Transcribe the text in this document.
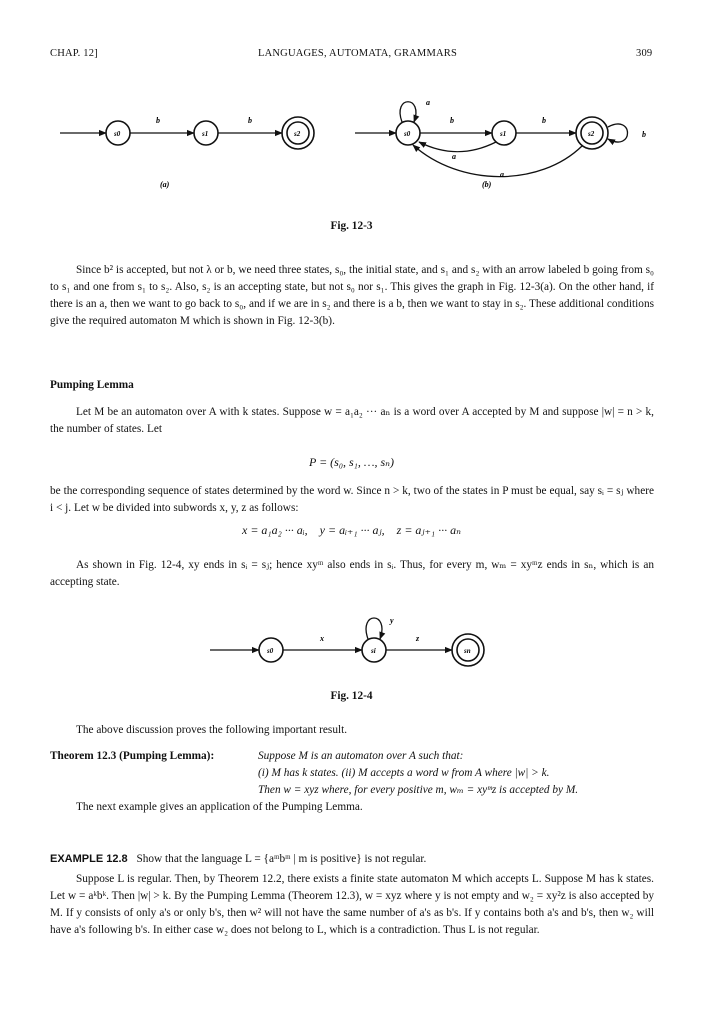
CHAP. 12]	LANGUAGES, AUTOMATA, GRAMMARS	309
s0
b
s1
b
s2
(a)
s0
a
b
s1
b
s2
a
a
b
(b)
Fig. 12-3

Since b² is accepted, but not λ or b, we need three states, s₀, the initial state, and s₁ and s₂ with an arrow labeled b going from s₀ to s₁ and one from s₁ to s₂. Also, s₂ is an accepting state, but not s₀ nor s₁. This gives the graph in Fig. 12-3(a). On the other hand, if there is an a, then we want to go back to s₀, and if we are in s₂ and there is a b, then we want to stay in s₂. These additional conditions give the required automaton M which is shown in Fig. 12-3(b).

Pumping Lemma

Let M be an automaton over A with k states. Suppose w = a₁a₂ ··· aₙ is a word over A accepted by M and suppose |w| = n > k, the number of states. Let

P = (s₀, s₁, …, sₙ)

be the corresponding sequence of states determined by the word w. Since n > k, two of the states in P must be equal, say sᵢ = sⱼ where i < j. Let w be divided into subwords x, y, z as follows:

x = a₁a₂ ··· aᵢ,    y = aᵢ₊₁ ··· aⱼ,    z = aⱼ₊₁ ··· aₙ

As shown in Fig. 12-4, xy ends in sᵢ = sⱼ; hence xyᵐ also ends in sᵢ. Thus, for every m, wₘ = xyᵐz ends in sₙ, which is an accepting state.

s0
x
si
y
z
sn
Fig. 12-4

The above discussion proves the following important result.

Theorem 12.3 (Pumping Lemma):	Suppose M is an automaton over A such that:
(i) M has k states. (ii) M accepts a word w from A where |w| > k.
Then w = xyz where, for every positive m, wₘ = xyᵐz is accepted by M.

The next example gives an application of the Pumping Lemma.

EXAMPLE 12.8 Show that the language L = {aᵐbᵐ | m is positive} is not regular.

Suppose L is regular. Then, by Theorem 12.2, there exists a finite state automaton M which accepts L. Suppose M has k states. Let w = aᵏbᵏ. Then |w| > k. By the Pumping Lemma (Theorem 12.3), w = xyz where y is not empty and w₂ = xy²z is also accepted by M. If y consists of only a's or only b's, then w² will not have the same number of a's as b's. If y contains both a's and b's, then w₂ will have a's following b's. In either case w₂ does not belong to L, which is a contradiction. Thus L is not regular.
